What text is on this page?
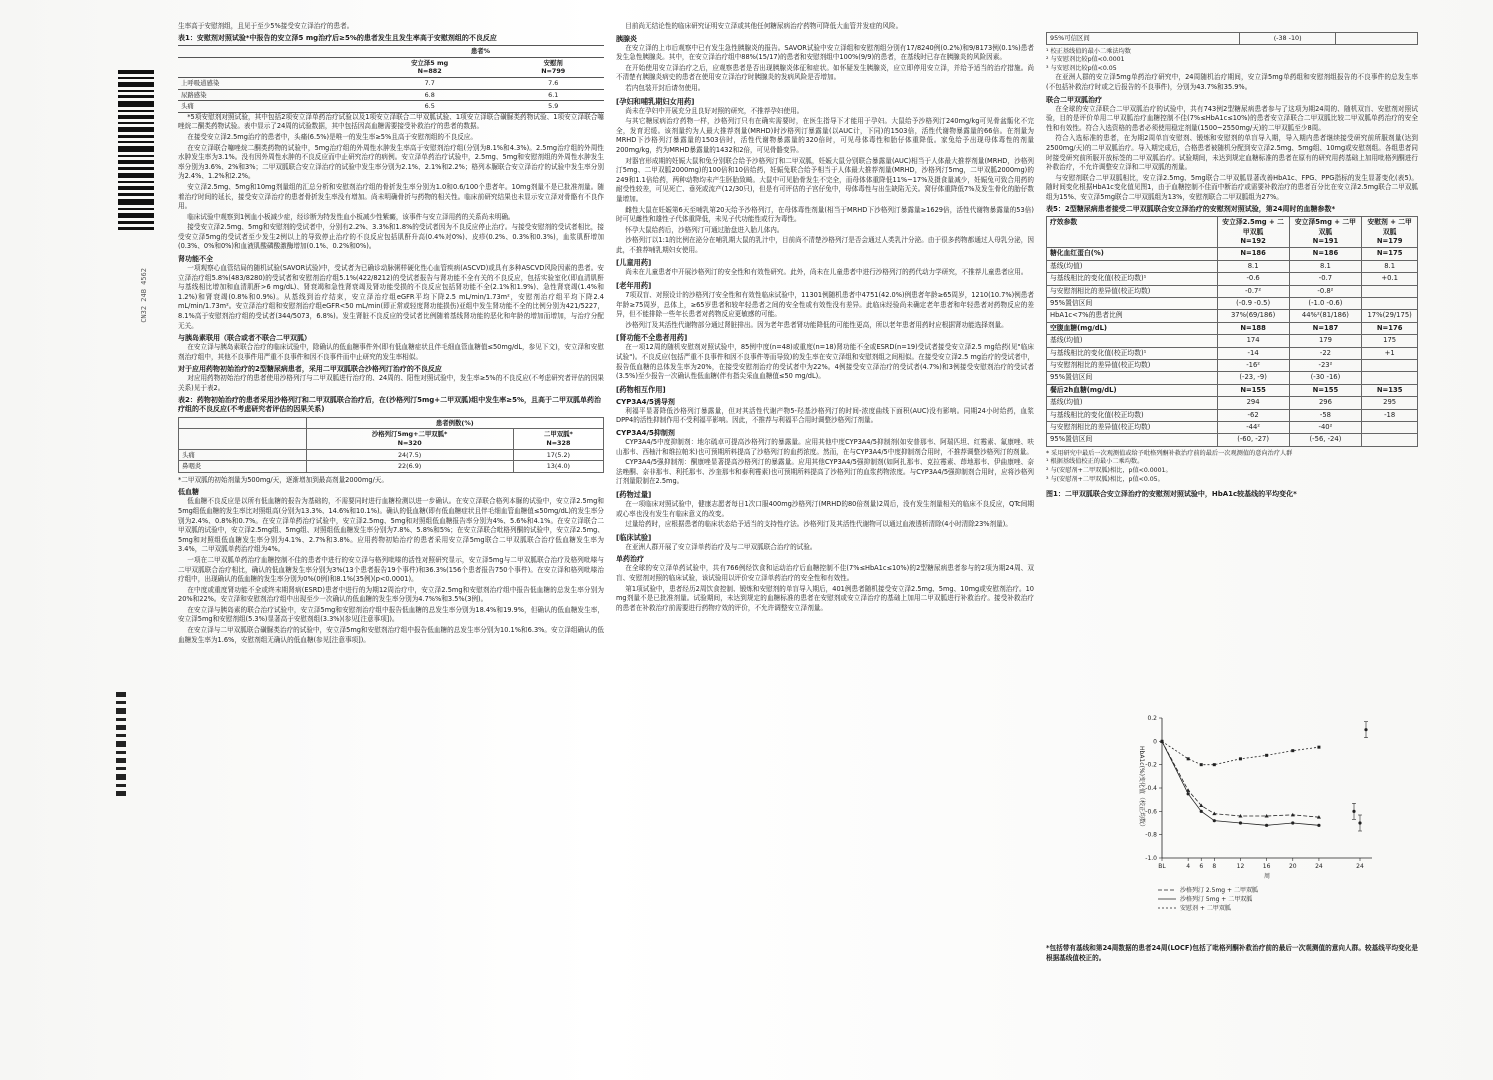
CN32 24B 4562

生率高于安慰剂组，且见于至少5%接受安立泽治疗的患者。

表1：安慰剂对照试验*中报告的安立泽5 mg治疗后≥5%的患者发生且发生率高于安慰剂组的不良反应
	患者%	
	安立泽5 mg
N=882	安慰剂
N=799
上呼吸道感染	7.7	7.6
尿路感染	6.8	6.1
头痛	6.5	5.9

*5项安慰剂对照试验，其中包括2项安立泽单药治疗试验以及1项安立泽联合二甲双胍试验、1项安立泽联合磺脲类药物试验、1项安立泽联合噻唑烷二酮类药物试验。表中显示了24周的试验数据，其中包括因高血糖需要接受补救治疗的患者的数据。

在接受安立泽2.5mg治疗的患者中，头痛(6.5%)是唯一的发生率≥5%且高于安慰剂组的不良反应。

在安立泽联合噻唑烷二酮类药物的试验中，5mg治疗组的外周性水肿发生率高于安慰剂治疗组(分别为8.1%和4.3%)。2.5mg治疗组的外周性水肿发生率为3.1%。没有因外周性水肿的不良反应而中止研究治疗的病例。安立泽单药治疗试验中，2.5mg、5mg和安慰剂组的外周性水肿发生率分别为3.6%、2%和3%；二甲双胍联合安立泽治疗的试验中发生率分别为2.1%、2.1%和2.2%；格列本脲联合安立泽治疗的试验中发生率分别为2.4%、1.2%和2.2%。

安立泽2.5mg、5mg和10mg剂量组的汇总分析和安慰剂治疗组的骨折发生率分别为1.0和0.6/100个患者年。10mg剂量不是已批准剂量。随着治疗时间的延长，接受安立泽治疗的患者骨折发生率没有增加。尚未明确骨折与药物的相关性。临床前研究结果也未显示安立泽对骨骼有不良作用。

临床试验中观察到1例血小板减少症，经诊断为特发性血小板减少性紫癜，该事件与安立泽用药的关系尚未明确。

接受安立泽2.5mg、5mg和安慰剂的受试者中，分别有2.2%、3.3%和1.8%的受试者因为不良反应停止治疗。与接受安慰剂的受试者相比，接受安立泽5mg的受试者至少发生2例以上的导致停止治疗的不良反应包括肌酐升高(0.4%对0%)、皮疹(0.2%、0.3%和0.3%)，血浆肌酐增加(0.3%、0%和0%)和血液肌酸磷酸激酶增加(0.1%、0.2%和0%)。

肾功能不全

一项观察心血管结局的随机试验(SAVOR试验)中，受试者为已确诊动脉粥样硬化性心血管疾病(ASCVD)或具有多种ASCVD风险因素的患者。安立泽治疗组5.8%(483/8280)的受试者和安慰剂治疗组5.1%(422/8212)的受试者报告与肾功能不全有关的不良反应，包括实验室化(即血清肌酐与基线相比增加和血清肌酐>6 mg/dL)、肾衰竭和急性肾衰竭及肾功能受损的不良反应包括肾功能不全(2.1%和1.9%)、急性肾衰竭(1.4%和1.2%)和肾衰竭(0.8%和0.9%)。从基线到治疗结束，安立泽治疗组eGFR平均下降2.5 mL/min/1.73m²，安慰剂治疗组平均下降2.4 mL/min/1.73m²。安立泽治疗组和安慰剂治疗组eGFR<50 mL/min(即正常或轻度肾功能损伤)亚组中发生肾功能不全的比例分别为421/5227，8.1%高于安慰剂治疗组的受试者(344/5073，6.8%)。发生肾脏不良反应的受试者比例随着基线肾功能的恶化和年龄的增加而增加，与治疗分配无关。

与胰岛素联用（联合或者不联合二甲双胍）

在安立泽与胰岛素联合治疗的临床试验中，除确认的低血糖事件外(即有低血糖症状且伴毛细血管血糖值≤50mg/dL，参见下文)，安立泽和安慰剂治疗组中，其他不良事件用严重不良事件和因不良事件而中止研究的发生率相似。

对于应用药物初始治疗的2型糖尿病患者，采用二甲双胍联合沙格列汀治疗的不良反应

对应用药物初始治疗的患者使用沙格列汀与二甲双胍进行治疗的、24周的、阳性对照试验中，发生率≥5%的不良反应(不考虑研究者评估的因果关系)见于表2。

表2：药物初始治疗的患者采用沙格列汀和二甲双胍联合治疗后，在(沙格列汀5mg+二甲双胍)组中发生率≥5%，且高于二甲双胍单药治疗组的不良反应(不考虑研究者评估的因果关系)
	患者例数(%)	
	沙格列汀5mg+二甲双胍*
N=320	二甲双胍*
N=328
头痛	24(7.5)	17(5.2)
鼻咽炎	22(6.9)	13(4.0)

*二甲双胍的初始剂量为500mg/天，逐渐增加到最高剂量2000mg/天。

低血糖

低血糖不良反应是以所有低血糖的报告为基础的，不需要同时进行血糖检测以进一步确认。在安立泽联合格列本脲的试验中，安立泽2.5mg和5mg组低血糖的发生率比对照组高(分别为13.3%、14.6%和10.1%)。确认的低血糖(即有低血糖症状且伴毛细血管血糖值≤50mg/dL)的发生率分别为2.4%、0.8%和0.7%。在安立泽单药治疗试验中，安立泽2.5mg、5mg和对照组低血糖报告率分别为4%、5.6%和4.1%。在安立泽联合二甲双胍的试验中，安立泽2.5mg组、5mg组、对照组低血糖发生率分别为7.8%、5.8%和5%；在安立泽联合吡格列酮的试验中，安立泽2.5mg、5mg和对照组低血糖发生率分别为4.1%、2.7%和3.8%。应用药物初始治疗的患者采用安立泽5mg联合二甲双胍联合治疗低血糖发生率为3.4%，二甲双胍单药治疗组为4%。

一项在二甲双胍单药治疗血糖控制不佳的患者中进行的安立泽与格列吡嗪的活性对照研究显示，安立泽5mg与二甲双胍联合治疗及格列吡嗪与二甲双胍联合治疗相比，确认的低血糖发生率分别为3%(13个患者报告19个事件)和36.3%(156个患者报告750个事件)。在安立泽和格列吡嗪治疗组中，出现确认的低血糖的发生率分别为0%(0例)和8.1%(35例)(p<0.0001)。

在中度或重度肾功能不全或终末期肾病(ESRD)患者中进行的为期12周治疗中，安立泽2.5mg和安慰剂治疗组中报告低血糖的总发生率分别为20%和22%。安立泽和安慰剂治疗组中出现至少一次确认的低血糖的发生率分别为4.7%%和3.5%(3例)。

在安立泽与胰岛素的联合治疗试验中，安立泽5mg和安慰剂治疗组中报告低血糖的总发生率分别为18.4%和19.9%，但确认的低血糖发生率，安立泽5mg和安慰剂组(5.3%)显著高于安慰剂组(3.3%)(参见[注意事项])。

在安立泽与二甲双胍联合磺脲类治疗的试验中，安立泽5mg和安慰剂治疗组中报告低血糖的总发生率分别为10.1%和6.3%。安立泽组确认的低血糖发生率为1.6%，安慰剂组无确认的低血糖(参见[注意事项])。

目前尚无结论性的临床研究证明安立泽或其他任何糖尿病治疗药物可降低大血管并发症的风险。

胰腺炎

在安立泽的上市后观察中已有发生急性胰腺炎的报告。SAVOR试验中安立泽组和安慰剂组分别有17/8240例(0.2%)和9/8173例(0.1%)患者发生急性胰腺炎。其中，在安立泽治疗组中88%(15/17)的患者和安慰剂组中100%(9/9)的患者，在基线时已存在胰腺炎的风险因素。

在开始使用安立泽治疗之后，应观察患者是否出现胰腺炎体征和症状。如怀疑发生胰腺炎，应立即停用安立泽，并给予适当的治疗措施。尚不清楚有胰腺炎病史的患者在使用安立泽治疗时胰腺炎的发病风险是否增加。

若内包装开封后请勿使用。

[孕妇和哺乳期妇女用药]

尚未在孕妇中开展充分且良好对照的研究，不推荐孕妇使用。

与其它糖尿病治疗药物一样，沙格列汀只有在确实需要时，在医生指导下才能用于孕妇。大鼠给予沙格列汀240mg/kg可见骨盆骺化不完全，发育迟缓。该剂量约为人最大推荐剂量(MRHD)时沙格列汀暴露量(以AUC计，下同)的1503倍，活性代谢物暴露量的66倍。在剂量为MRHD下沙格列汀暴露量的1503倍时，活性代谢物暴露量的320倍时，可见母体毒性和胎仔体重降低。家兔给予出现母体毒性的剂量200mg/kg，约为MRHD暴露量的1432和2倍，可见骨骼变异。

对器官形成期的妊娠大鼠和兔分别联合给予沙格列汀和二甲双胍，妊娠大鼠分别联合暴露量(AUC)相当于人体最大推荐剂量(MRHD，沙格列汀5mg、二甲双胍2000mg)的100倍和10倍给药，妊娠兔联合给予相当于人体最大推荐剂量(MRHD，沙格列汀5mg，二甲双胍2000mg)的249和1.1倍给药，两种动物均未产生胚胎致畸。大鼠中可见胎骨发生不完全，而母体体重降低11%~17%及摄食量减少，妊娠兔可致合用药的耐受性较差，可见死亡、垂死或流产(12/30只)，但是有可评估的子宫仔兔中，母体毒性与出生缺陷无关。窝仔体重降低7%及发生骨化的胎仔数量增加。

雌性大鼠在妊娠第6天至哺乳第20天给予沙格列汀，在母体毒性剂量(相当于MRHD下沙格列汀暴露量≥1629倍，活性代谢物暴露量的53倍)时可见雌性和雄性子代体重降低，未见子代功能性或行为毒性。

怀孕大鼠给药后，沙格列汀可通过胎盘进入胎儿体内。

沙格列汀以1:1的比例在泌分在哺乳期大鼠的乳汁中，目前尚不清楚沙格列汀是否会通过人类乳汁分泌。由于很多药物都通过人母乳分泌，因此，不推荐哺乳期妇女使用。

[儿童用药]

尚未在儿童患者中开展沙格列汀的安全性和有效性研究。此外，尚未在儿童患者中进行沙格列汀的药代动力学研究，不推荐儿童患者应用。

[老年用药]

7项双盲、对照设计的沙格列汀安全性和有效性临床试验中，11301例随机患者中4751(42.0%)例患者年龄≥65周岁，1210(10.7%)例患者年龄≥75周岁，总体上，≥65岁患者和较年轻患者之间的安全性或有效性没有差异。此临床经验尚未确定老年患者和年轻患者对药物反应的差异，但不能排除一些年长患者对药物反应更敏感的可能。

沙格列汀及其活性代谢物部分通过肾脏排出。因为老年患者肾功能降低的可能性更高，所以老年患者用药时应根据肾功能选择剂量。

[肾功能不全患者用药]

在一项12周的随机安慰剂对照试验中，85例中度(n=48)或重度(n=18)肾功能不全或ESRD(n=19)受试者接受安立泽2.5 mg给药(见"临床试验")。不良反应(包括严重不良事件和因不良事件等而导致)的发生率在安立泽组和安慰剂组之间相似。在接受安立泽2.5 mg治疗的受试者中，报告低血糖的总体发生率为20%，在接受安慰剂治疗的受试者中为22%。4例接受安立泽治疗的受试者(4.7%)和3例接受安慰剂治疗的受试者(3.5%)至少报告一次确认性低血糖(伴有指尖采血血糖值≤50 mg/dL)。

[药物相互作用]
CYP3A4/5诱导剂

利福平显著降低沙格列汀暴露量，但对其活性代谢产物5-羟基沙格列汀的时间-浓度曲线下面积(AUC)没有影响。同期24小时给药，血浆DPP4的活性抑制作用不受利福平影响。因此，不推荐与利福平合用时调整沙格列汀剂量。

CYP3A4/5抑制剂

CYP3A4/5中度抑制剂：地尔硫卓可提高沙格列汀的暴露量。应用其他中度CYP3A4/5抑制剂(如安普那韦、阿瑞匹坦、红霉素、氟康唑、呋山那韦、西柚汁和维拉帕米)也可预期所料提高了沙格列汀的血药浓度。然而，在与CYP3A4/5中度抑制剂合用时，不推荐调整沙格列汀的剂量。

CYP3A4/5强抑制剂：酮康唑显著提高沙格列汀的暴露量。应用其他CYP3A4/5强抑制剂(如阿扎那韦、克拉霉素、茚地那韦、伊曲康唑、奈法唑酮、奈非那韦、利托那韦、沙奎那韦和泰利霉素)也可预期所料提高了沙格列汀的血浆药物浓度。与CYP3A4/5强抑制剂合用时，应将沙格列汀剂量限制在2.5mg。

[药物过量]

在一项临床对照试验中，健康志愿者每日1次口服400mg沙格列汀(MRHD的80倍剂量)2周后，没有发生剂量相关的临床不良反应，QTc间期或心率也没有发生有临床意义的改变。

过量给药时，应根据患者的临床状态给予适当的支持性疗法。沙格列汀及其活性代谢物可以通过血液透析清除(4小时清除23%剂量)。

[临床试验]

在亚洲人群开展了安立泽单药治疗及与二甲双胍联合治疗的试验。

单药治疗

在全球的安立泽单药试验中，共有766例经饮食和运动治疗后血糖控制不佳(7%≤HbA1c≤10%)的2型糖尿病患者参与的2项为期24周、双盲、安慰剂对照的临床试验，该试验用以评价安立泽单药治疗的安全性和有效性。

第1项试验中，患者经历2周饮食控制、锻炼和安慰剂的单盲导入期后，401例患者随机接受安立泽2.5mg、5mg、10mg或安慰剂治疗。10 mg剂量不是已批准剂量。试验期间，未达到规定的血糖标准的患者在安慰剂或安立泽治疗的基础上加用二甲双胍进行补救治疗。接受补救治疗的患者在补救治疗前需要进行药物疗效的评价，不允许调整安立泽剂量。

95%可信区间	(-38 -10)	
¹ 校正基线值的最小二乘法均数
² 与安慰剂比较p值<0.0001
³ 与安慰剂比较p值<0.05

在亚洲人群的安立泽5mg单药治疗研究中，24周随机治疗期间，安立泽5mg单药组和安慰剂组报告的不良事件的总发生率(不包括补救治疗时或之后报告的不良事件)，分别为43.7%和35.9%。

联合二甲双胍治疗

在全球的安立泽联合二甲双胍治疗的试验中，共有743例2型糖尿病患者参与了这项为期24周的、随机双盲、安慰剂对照试验，目的是评价单用二甲双胍治疗血糖控制不佳(7%≤HbA1c≤10%)的患者安立泽联合二甲双胍比较二甲双胍单药治疗的安全性和有效性。符合入选资格的患者必须使用稳定剂量(1500~2550mg/天)的二甲双胍至少8周。

符合入选标准的患者，在为期2周单盲安慰剂、锻炼和安慰剂的单盲导入期，导入期内患者继续接受研究前所服剂量(达到2500mg/天)的二甲双胍治疗。导入期完成后，合格患者被随机分配到安立泽2.5mg、5mg组、10mg或安慰剂组。各组患者同时接受研究前所服开放标签的二甲双胍治疗。试验期间，未达到规定血糖标准的患者在原有的研究用药基础上加用吡格列酮进行补救治疗，不允许调整安立泽和二甲双胍的剂量。

与安慰剂联合二甲双胍相比，安立泽2.5mg、5mg联合二甲双胍显著改善HbA1c、FPG、PPG指标的发生显著变化(表5)。随时间变化根据HbA1c变化值见图1，由于血糖控制不佳而中断治疗或需要补救治疗的患者百分比在安立泽2.5mg联合二甲双胍组为15%、安立泽5mg联合二甲双胍组为13%，安慰剂联合二甲双胍组为27%。

表5：2型糖尿病患者接受二甲双胍联合安立泽治疗的安慰剂对照试验，第24周时的血糖参数*
疗效参数	安立泽2.5mg + 二甲双胍
N=192	安立泽5mg + 二甲双胍
N=191	安慰剂 + 二甲双胍
N=179
糖化血红蛋白(%)	N=186	N=186	N=175
基线(均值)	8.1	8.1	8.1
与基线相比的变化值(校正均数)¹	-0.6	-0.7	+0.1
与安慰剂相比的差异值(校正均数)	-0.7²	-0.8²	
95%置信区间	(-0.9 -0.5)	(-1.0 -0.6)	
HbA1c<7%的患者比例	37%(69/186)	44%²(81/186)	17%(29/175)
空腹血糖(mg/dL)	N=188	N=187	N=176
基线(均值)	174	179	175
与基线相比的变化值(校正均数)¹	-14	-22	+1
与安慰剂相比的差异值(校正均数)	-16²	-23²	
95%置信区间	(-23, -9)	(-30 -16)	
餐后2h血糖(mg/dL)	N=155	N=155	N=135
基线(均值)	294	296	295
与基线相比的变化值(校正均数)	-62	-58	-18
与安慰剂相比的差异值(校正均数)	-44²	-40²	
95%置信区间	(-60, -27)	(-56, -24)	
* 采用研究中最后一次观测值或给予吡格列酮补救治疗前的最后一次观测值的意向治疗人群
¹ 根据基线值校正的最小二乘均数。
² 与(安慰剂+二甲双胍)相比，p值<0.0001。
³ 与(安慰剂+二甲双胍)相比，p值<0.05。
图1：二甲双胍联合安立泽治疗的安慰剂对照试验中，HbA1c较基线的平均变化*
0.2
0
-0.2
-0.4
-0.6
-0.8
-1.0
BL	4 6 8	12	16	20	24	24
周
HbA1c(%)变化值（校正均数）
沙格列汀 2.5mg + 二甲双胍
沙格列汀 5mg + 二甲双胍
安慰剂 + 二甲双胍

*包括带有基线和第24周数据的患者24周(LOCF)包括了吡格列酮补救治疗前的最后一次观测值的意向人群。较基线平均变化是根据基线值校正的。
